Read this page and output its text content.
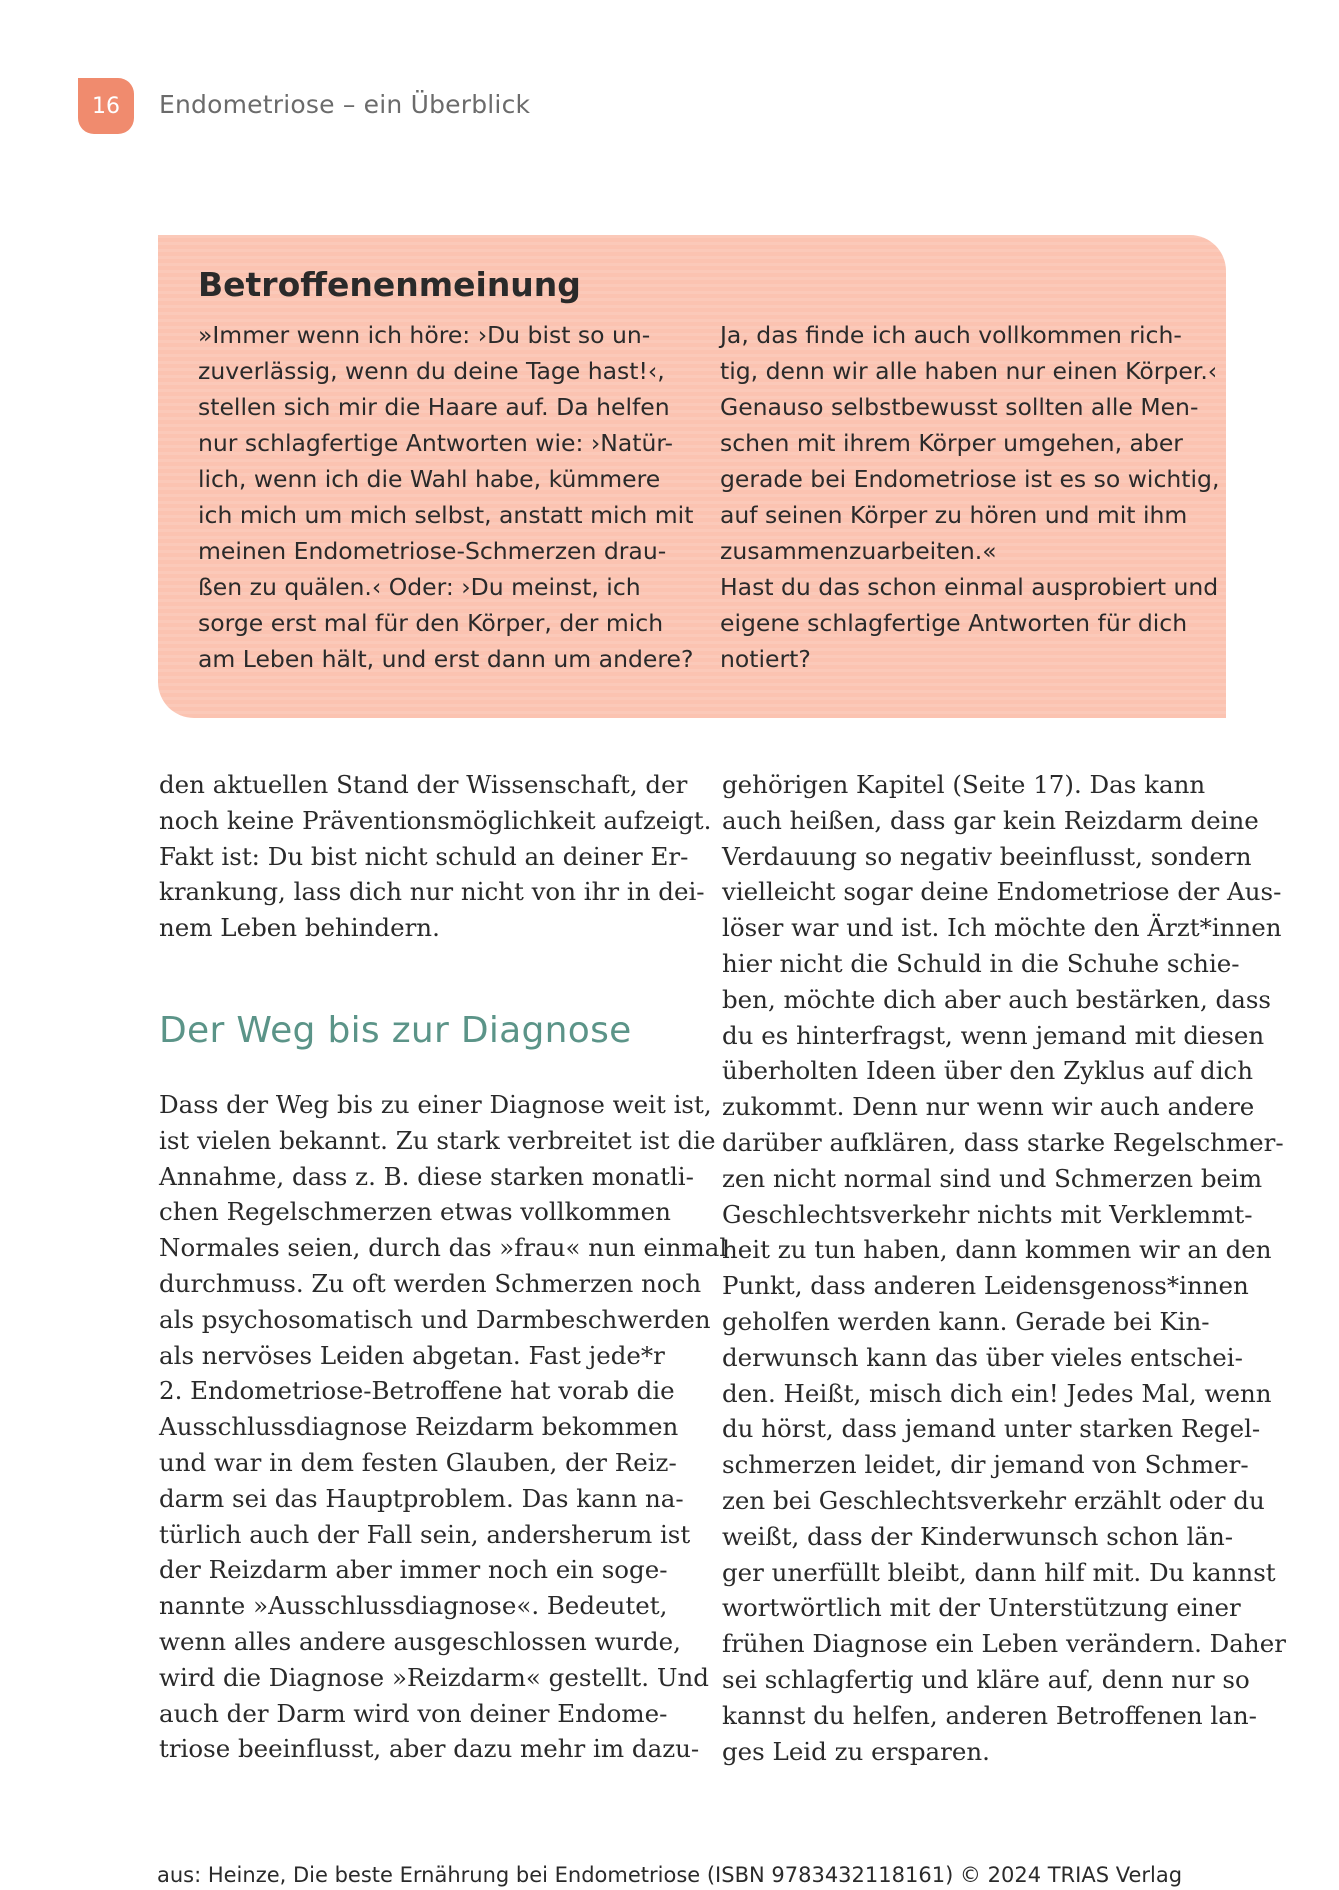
16	Endometriose – ein Überblick
Betroffenenmeinung
»Immer wenn ich höre: ›Du bist so un-
zuverlässig, wenn du deine Tage hast!‹,
stellen sich mir die Haare auf. Da helfen
nur schlagfertige Antworten wie: ›Natür-
lich, wenn ich die Wahl habe, kümmere
ich mich um mich selbst, anstatt mich mit
meinen Endometriose-Schmerzen drau-
ßen zu quälen.‹ Oder: ›Du meinst, ich
sorge erst mal für den Körper, der mich
am Leben hält, und erst dann um andere?
Ja, das finde ich auch vollkommen rich-
tig, denn wir alle haben nur einen Körper.‹
Genauso selbstbewusst sollten alle Men-
schen mit ihrem Körper umgehen, aber
gerade bei Endometriose ist es so wichtig,
auf seinen Körper zu hören und mit ihm
zusammenzuarbeiten.«
Hast du das schon einmal ausprobiert und
eigene schlagfertige Antworten für dich
notiert?
den aktuellen Stand der Wissenschaft, der
noch keine Präventionsmöglichkeit aufzeigt.
Fakt ist: Du bist nicht schuld an deiner Er-
krankung, lass dich nur nicht von ihr in dei-
nem Leben behindern.
Der Weg bis zur Diagnose
Dass der Weg bis zu einer Diagnose weit ist,
ist vielen bekannt. Zu stark verbreitet ist die
Annahme, dass z. B. diese starken monatli-
chen Regelschmerzen etwas vollkommen
Normales seien, durch das »frau« nun einmal
durchmuss. Zu oft werden Schmerzen noch
als psychosomatisch und Darmbeschwerden
als nervöses Leiden abgetan. Fast jede*r
2. Endometriose-Betroffene hat vorab die
Ausschlussdiagnose Reizdarm bekommen
und war in dem festen Glauben, der Reiz-
darm sei das Hauptproblem. Das kann na-
türlich auch der Fall sein, andersherum ist
der Reizdarm aber immer noch ein soge-
nannte »Ausschlussdiagnose«. Bedeutet,
wenn alles andere ausgeschlossen wurde,
wird die Diagnose »Reizdarm« gestellt. Und
auch der Darm wird von deiner Endome-
triose beeinflusst, aber dazu mehr im dazu-
gehörigen Kapitel (Seite 17). Das kann
auch heißen, dass gar kein Reizdarm deine
Verdauung so negativ beeinflusst, sondern
vielleicht sogar deine Endometriose der Aus-
löser war und ist. Ich möchte den Ärzt*innen
hier nicht die Schuld in die Schuhe schie-
ben, möchte dich aber auch bestärken, dass
du es hinterfragst, wenn jemand mit diesen
überholten Ideen über den Zyklus auf dich
zukommt. Denn nur wenn wir auch andere
darüber aufklären, dass starke Regelschmer-
zen nicht normal sind und Schmerzen beim
Geschlechtsverkehr nichts mit Verklemmt-
heit zu tun haben, dann kommen wir an den
Punkt, dass anderen Leidensgenoss*innen
geholfen werden kann. Gerade bei Kin-
derwunsch kann das über vieles entschei-
den. Heißt, misch dich ein! Jedes Mal, wenn
du hörst, dass jemand unter starken Regel-
schmerzen leidet, dir jemand von Schmer-
zen bei Geschlechtsverkehr erzählt oder du
weißt, dass der Kinderwunsch schon län-
ger unerfüllt bleibt, dann hilf mit. Du kannst
wortwörtlich mit der Unterstützung einer
frühen Diagnose ein Leben verändern. Daher
sei schlagfertig und kläre auf, denn nur so
kannst du helfen, anderen Betroffenen lan-
ges Leid zu ersparen.
aus: Heinze, Die beste Ernährung bei Endometriose (ISBN 9783432118161) © 2024 TRIAS Verlag
